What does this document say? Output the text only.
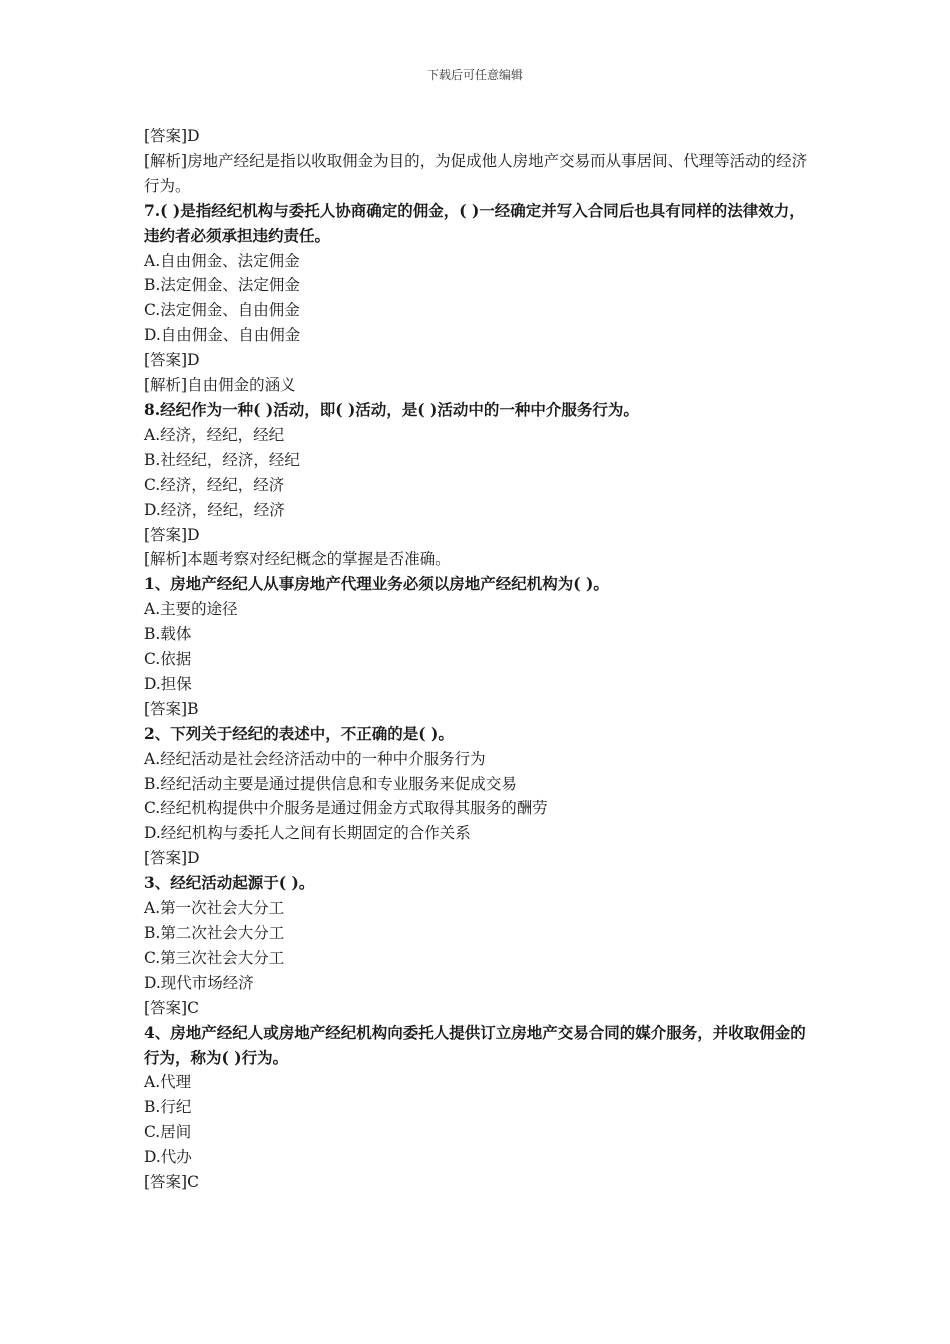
下载后可任意编辑

[答案]D

[解析]房地产经纪是指以收取佣金为目的，为促成他人房地产交易而从事居间、代理等活动的经济行为。

7.( )是指经纪机构与委托人协商确定的佣金，( )一经确定并写入合同后也具有同样的法律效力，违约者必须承担违约责任。

A.自由佣金、法定佣金

B.法定佣金、法定佣金

C.法定佣金、自由佣金

D.自由佣金、自由佣金

[答案]D

[解析]自由佣金的涵义

8.经纪作为一种( )活动，即( )活动，是( )活动中的一种中介服务行为。

A.经济，经纪，经纪

B.社经纪，经济，经纪

C.经济，经纪，经济

D.经济，经纪，经济

[答案]D

[解析]本题考察对经纪概念的掌握是否准确。

1、房地产经纪人从事房地产代理业务必须以房地产经纪机构为( )。

A.主要的途径

B.载体

C.依据

D.担保

[答案]B

2、下列关于经纪的表述中，不正确的是( )。

A.经纪活动是社会经济活动中的一种中介服务行为

B.经纪活动主要是通过提供信息和专业服务来促成交易

C.经纪机构提供中介服务是通过佣金方式取得其服务的酬劳

D.经纪机构与委托人之间有长期固定的合作关系

[答案]D

3、经纪活动起源于( )。

A.第一次社会大分工

B.第二次社会大分工

C.第三次社会大分工

D.现代市场经济

[答案]C

4、房地产经纪人或房地产经纪机构向委托人提供订立房地产交易合同的媒介服务，并收取佣金的行为，称为( )行为。

A.代理

B.行纪

C.居间

D.代办

[答案]C
